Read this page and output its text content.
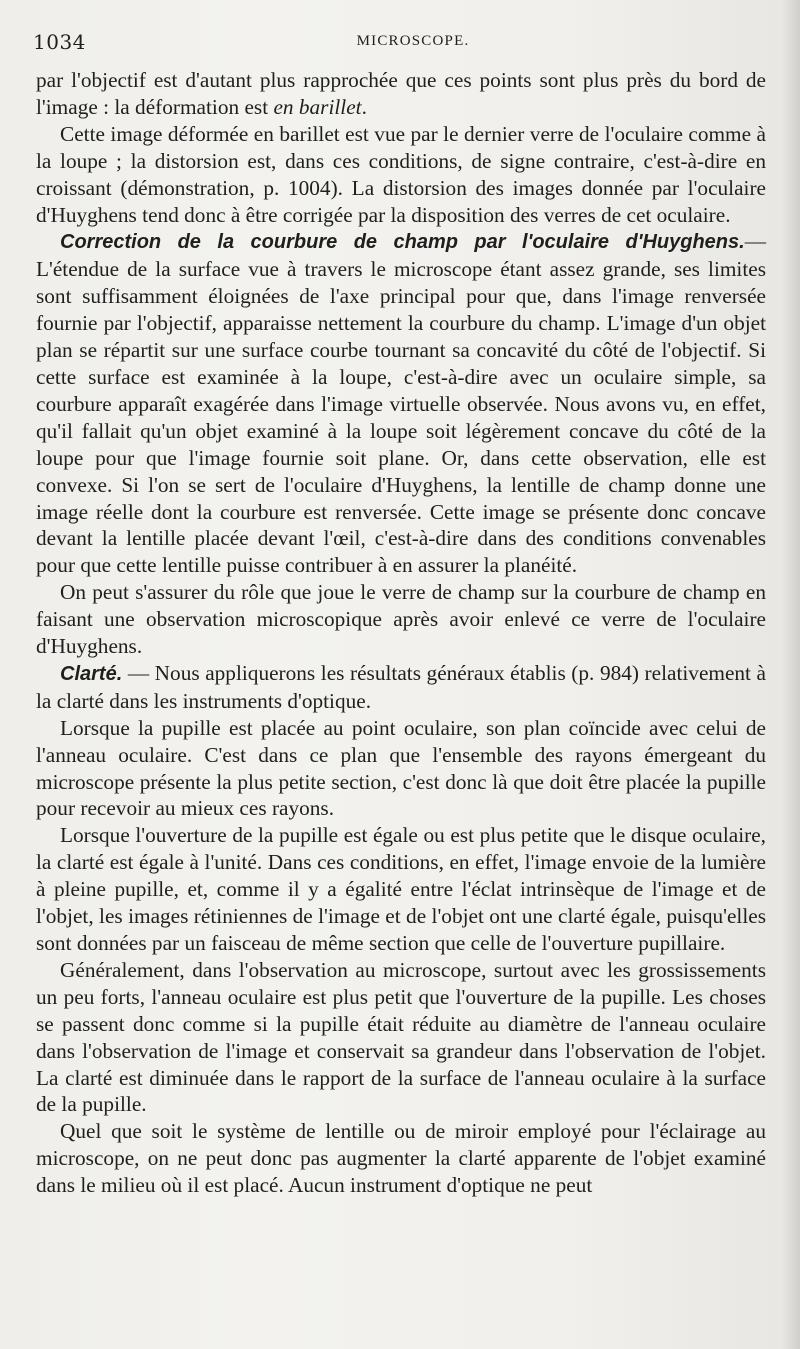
1034	MICROSCOPE.

par l'objectif est d'autant plus rapprochée que ces points sont plus près du bord de l'image : la déformation est en barillet.

Cette image déformée en barillet est vue par le dernier verre de l'oculaire comme à la loupe ; la distorsion est, dans ces conditions, de signe contraire, c'est-à-dire en croissant (démonstration, p. 1004). La distorsion des images donnée par l'oculaire d'Huyghens tend donc à être corrigée par la disposition des verres de cet oculaire.

Correction de la courbure de champ par l'oculaire d'Huyghens.— L'étendue de la surface vue à travers le microscope étant assez grande, ses limites sont suffisamment éloignées de l'axe principal pour que, dans l'image renversée fournie par l'objectif, apparaisse nettement la courbure du champ. L'image d'un objet plan se répartit sur une surface courbe tournant sa concavité du côté de l'objectif. Si cette surface est examinée à la loupe, c'est-à-dire avec un oculaire simple, sa courbure apparaît exagérée dans l'image virtuelle observée. Nous avons vu, en effet, qu'il fallait qu'un objet examiné à la loupe soit légèrement concave du côté de la loupe pour que l'image fournie soit plane. Or, dans cette observation, elle est convexe. Si l'on se sert de l'oculaire d'Huyghens, la lentille de champ donne une image réelle dont la courbure est renversée. Cette image se présente donc concave devant la lentille placée devant l'œil, c'est-à-dire dans des conditions convenables pour que cette lentille puisse contribuer à en assurer la planéité.

On peut s'assurer du rôle que joue le verre de champ sur la courbure de champ en faisant une observation microscopique après avoir enlevé ce verre de l'oculaire d'Huyghens.

Clarté. — Nous appliquerons les résultats généraux établis (p. 984) relativement à la clarté dans les instruments d'optique.

Lorsque la pupille est placée au point oculaire, son plan coïncide avec celui de l'anneau oculaire. C'est dans ce plan que l'ensemble des rayons émergeant du microscope présente la plus petite section, c'est donc là que doit être placée la pupille pour recevoir au mieux ces rayons.

Lorsque l'ouverture de la pupille est égale ou est plus petite que le disque oculaire, la clarté est égale à l'unité. Dans ces conditions, en effet, l'image envoie de la lumière à pleine pupille, et, comme il y a égalité entre l'éclat intrinsèque de l'image et de l'objet, les images rétiniennes de l'image et de l'objet ont une clarté égale, puisqu'elles sont données par un faisceau de même section que celle de l'ouverture pupillaire.

Généralement, dans l'observation au microscope, surtout avec les grossissements un peu forts, l'anneau oculaire est plus petit que l'ouverture de la pupille. Les choses se passent donc comme si la pupille était réduite au diamètre de l'anneau oculaire dans l'observation de l'image et conservait sa grandeur dans l'observation de l'objet. La clarté est diminuée dans le rapport de la surface de l'anneau oculaire à la surface de la pupille.

Quel que soit le système de lentille ou de miroir employé pour l'éclairage au microscope, on ne peut donc pas augmenter la clarté apparente de l'objet examiné dans le milieu où il est placé. Aucun instrument d'optique ne peut
